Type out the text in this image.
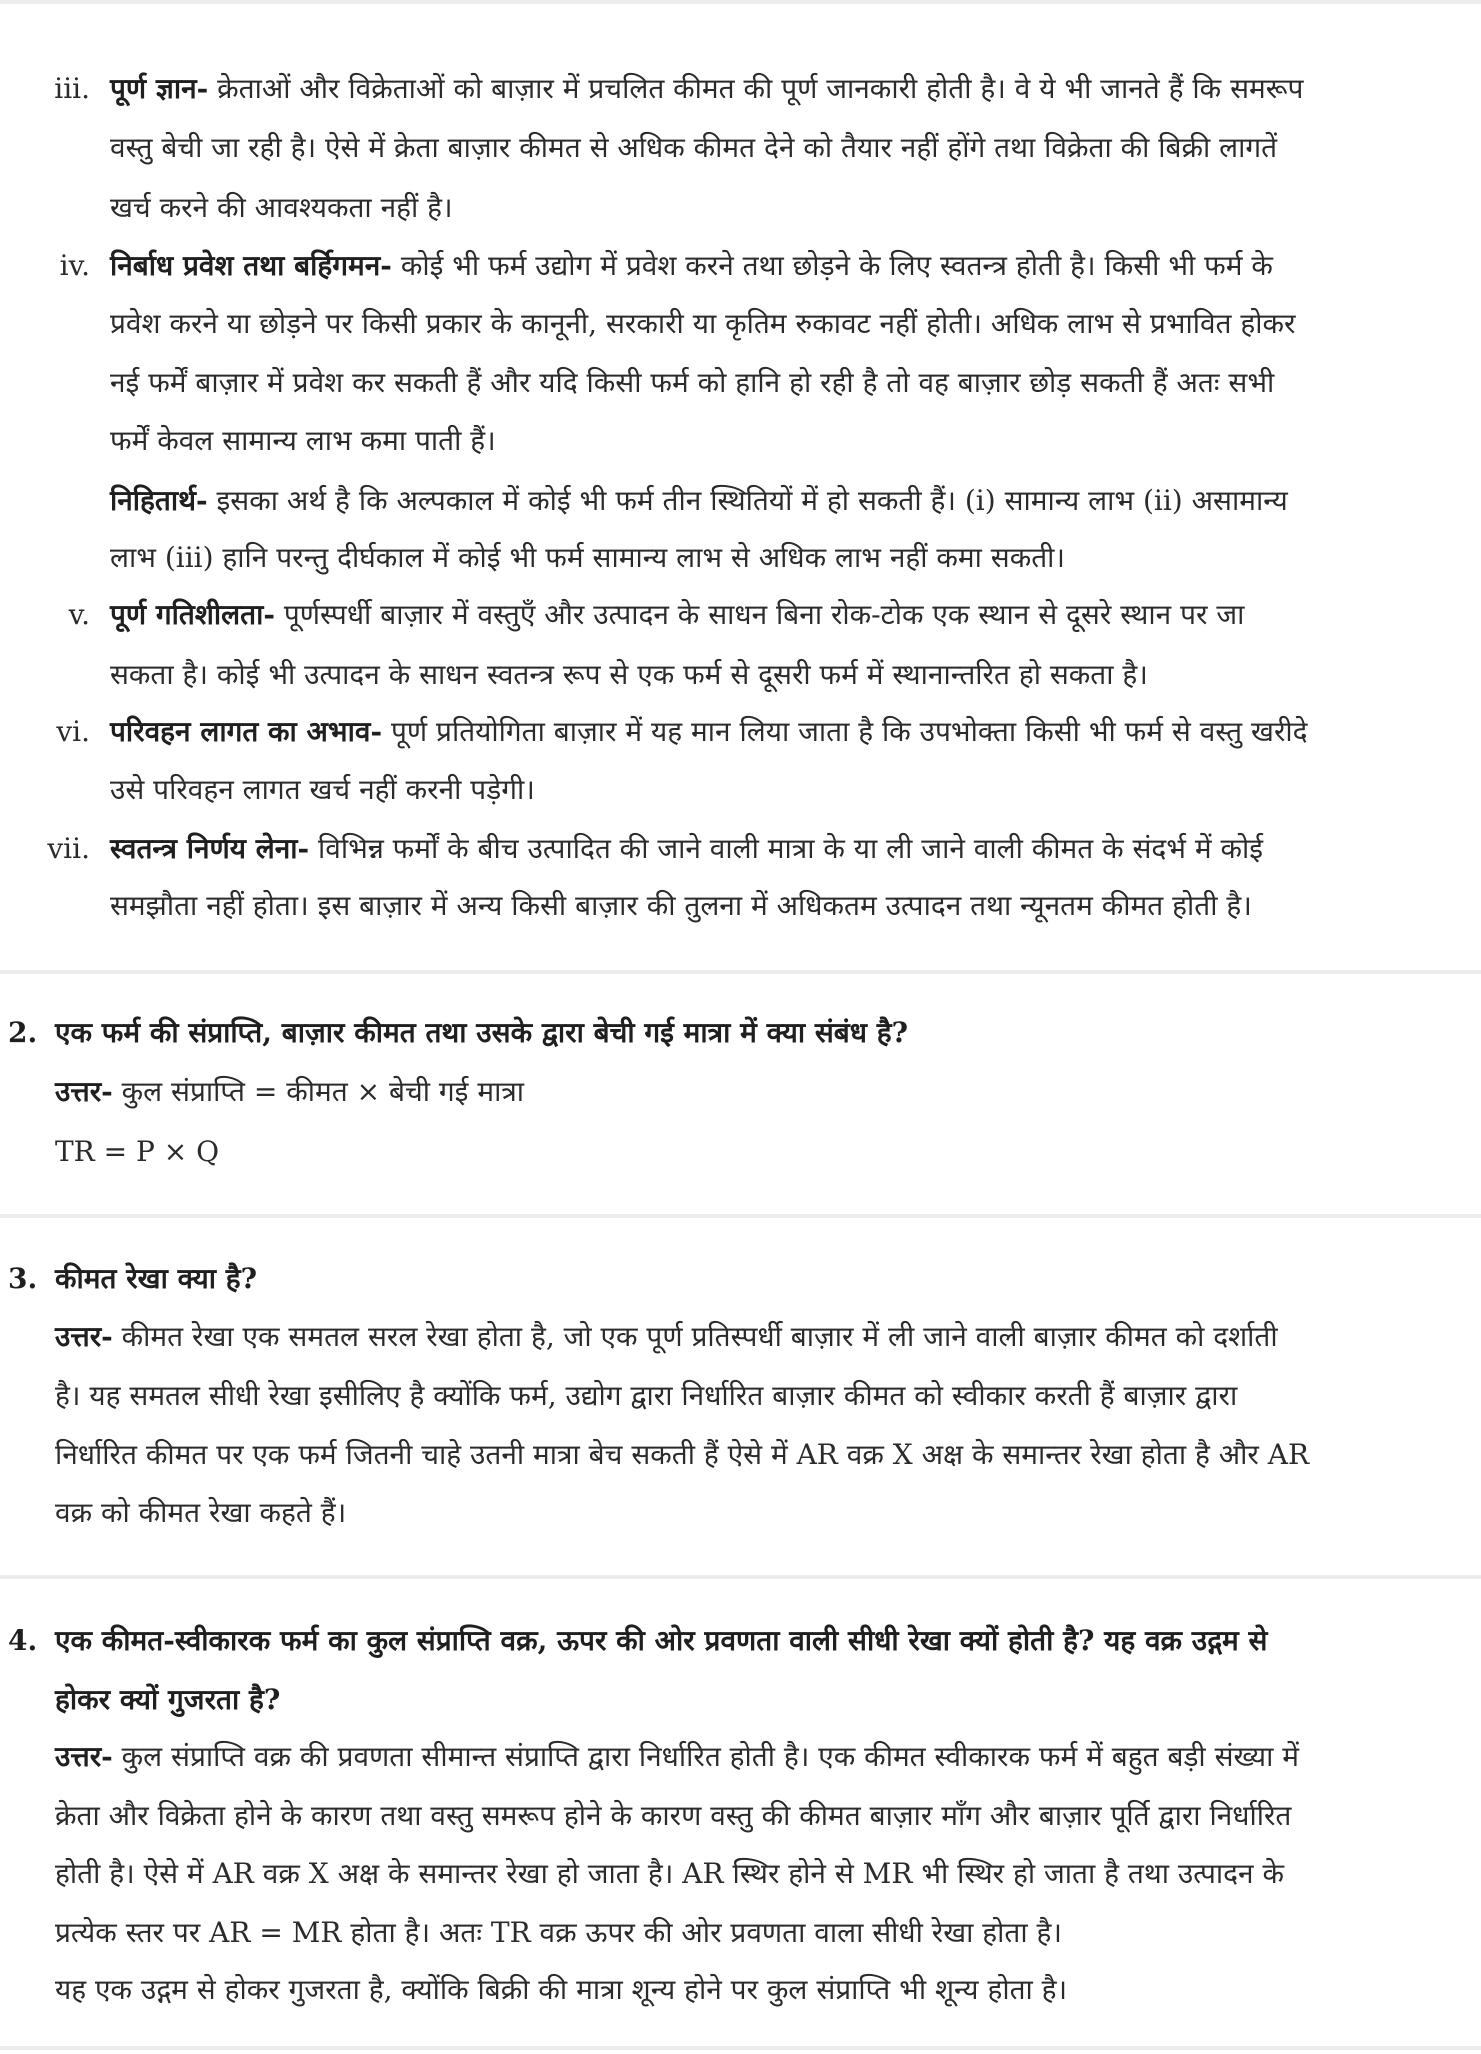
iii. पूर्ण ज्ञान- क्रेताओं और विक्रेताओं को बाज़ार में प्रचलित कीमत की पूर्ण जानकारी होती है। वे ये भी जानते हैं कि समरूप
वस्तु बेची जा रही है। ऐसे में क्रेता बाज़ार कीमत से अधिक कीमत देने को तैयार नहीं होंगे तथा विक्रेता की बिक्री लागतें
खर्च करने की आवश्यकता नहीं है।
iv. निर्बाध प्रवेश तथा बर्हिगमन- कोई भी फर्म उद्योग में प्रवेश करने तथा छोड़ने के लिए स्वतन्त्र होती है। किसी भी फर्म के
प्रवेश करने या छोड़ने पर किसी प्रकार के कानूनी, सरकारी या कृतिम रुकावट नहीं होती। अधिक लाभ से प्रभावित होकर
नई फर्में बाज़ार में प्रवेश कर सकती हैं और यदि किसी फर्म को हानि हो रही है तो वह बाज़ार छोड़ सकती हैं अतः सभी
फर्में केवल सामान्य लाभ कमा पाती हैं।
निहितार्थ- इसका अर्थ है कि अल्पकाल में कोई भी फर्म तीन स्थितियों में हो सकती हैं। (i) सामान्य लाभ (ii) असामान्य
लाभ (iii) हानि परन्तु दीर्घकाल में कोई भी फर्म सामान्य लाभ से अधिक लाभ नहीं कमा सकती।
v. पूर्ण गतिशीलता- पूर्णस्पर्धी बाज़ार में वस्तुएँ और उत्पादन के साधन बिना रोक-टोक एक स्थान से दूसरे स्थान पर जा
सकता है। कोई भी उत्पादन के साधन स्वतन्त्र रूप से एक फर्म से दूसरी फर्म में स्थानान्तरित हो सकता है।
vi. परिवहन लागत का अभाव- पूर्ण प्रतियोगिता बाज़ार में यह मान लिया जाता है कि उपभोक्ता किसी भी फर्म से वस्तु खरीदे
उसे परिवहन लागत खर्च नहीं करनी पड़ेगी।
vii. स्वतन्त्र निर्णय लेना- विभिन्न फर्मों के बीच उत्पादित की जाने वाली मात्रा के या ली जाने वाली कीमत के संदर्भ में कोई
समझौता नहीं होता। इस बाज़ार में अन्य किसी बाज़ार की तुलना में अधिकतम उत्पादन तथा न्यूनतम कीमत होती है।
2. एक फर्म की संप्राप्ति, बाज़ार कीमत तथा उसके द्वारा बेची गई मात्रा में क्या संबंध है?
उत्तर- कुल संप्राप्ति = कीमत × बेची गई मात्रा
TR = P × Q
3. कीमत रेखा क्या है?
उत्तर- कीमत रेखा एक समतल सरल रेखा होता है, जो एक पूर्ण प्रतिस्पर्धी बाज़ार में ली जाने वाली बाज़ार कीमत को दर्शाती
है। यह समतल सीधी रेखा इसीलिए है क्योंकि फर्म, उद्योग द्वारा निर्धारित बाज़ार कीमत को स्वीकार करती हैं बाज़ार द्वारा
निर्धारित कीमत पर एक फर्म जितनी चाहे उतनी मात्रा बेच सकती हैं ऐसे में AR वक्र X अक्ष के समान्तर रेखा होता है और AR
वक्र को कीमत रेखा कहते हैं।
4. एक कीमत-स्वीकारक फर्म का कुल संप्राप्ति वक्र, ऊपर की ओर प्रवणता वाली सीधी रेखा क्यों होती है? यह वक्र उद्गम से
होकर क्यों गुजरता है?
उत्तर- कुल संप्राप्ति वक्र की प्रवणता सीमान्त संप्राप्ति द्वारा निर्धारित होती है। एक कीमत स्वीकारक फर्म में बहुत बड़ी संख्या में
क्रेता और विक्रेता होने के कारण तथा वस्तु समरूप होने के कारण वस्तु की कीमत बाज़ार माँग और बाज़ार पूर्ति द्वारा निर्धारित
होती है। ऐसे में AR वक्र X अक्ष के समान्तर रेखा हो जाता है। AR स्थिर होने से MR भी स्थिर हो जाता है तथा उत्पादन के
प्रत्येक स्तर पर AR = MR होता है। अतः TR वक्र ऊपर की ओर प्रवणता वाला सीधी रेखा होता है।
यह एक उद्गम से होकर गुजरता है, क्योंकि बिक्री की मात्रा शून्य होने पर कुल संप्राप्ति भी शून्य होता है।
